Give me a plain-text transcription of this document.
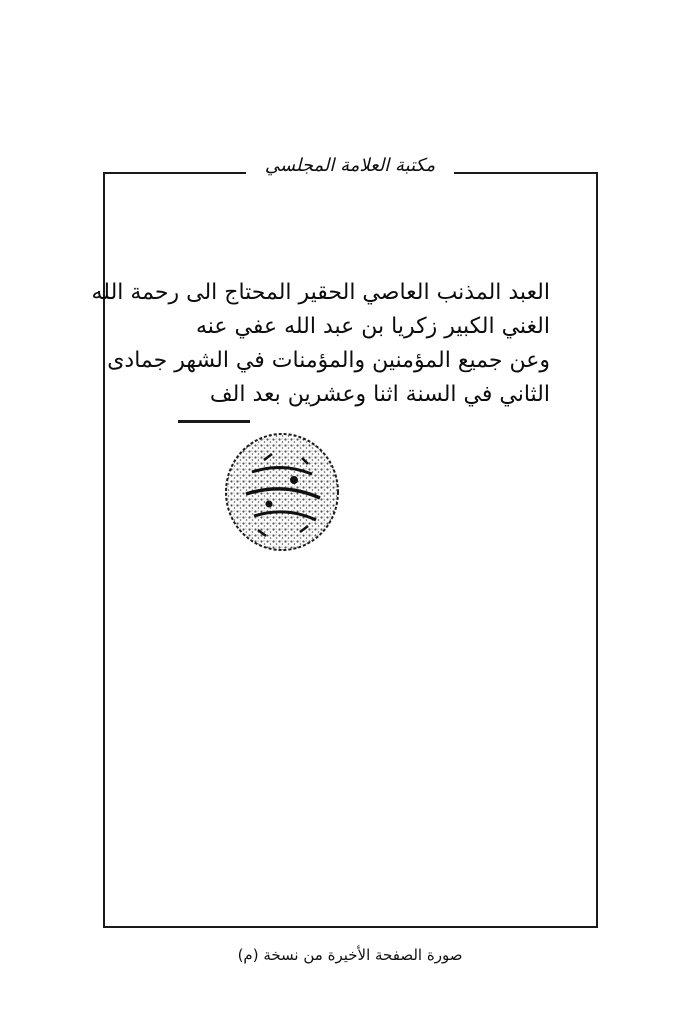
مكتبة العلامة المجلسي
العبد المذنب العاصي الحقير المحتاج الى رحمة الله
الغني الكبير زكريا بن عبد الله عفي عنه
وعن جميع المؤمنين والمؤمنات في الشهر جمادى
الثاني في السنة اثنا وعشرين بعد الف
صورة الصفحة الأخيرة من نسخة (م)
